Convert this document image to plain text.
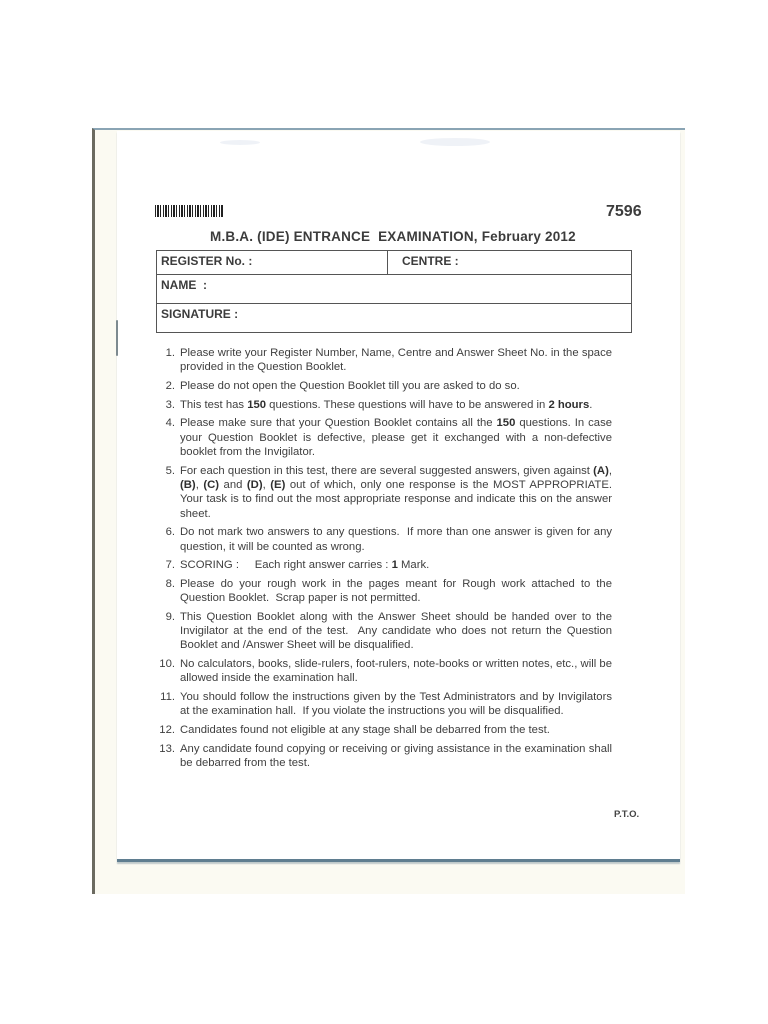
7596
M.B.A. (IDE) ENTRANCE  EXAMINATION, February 2012
REGISTER No. :	CENTRE :
NAME  :
SIGNATURE :
1. Please write your Register Number, Name, Centre and Answer Sheet No. in the space provided in the Question Booklet.
2. Please do not open the Question Booklet till you are asked to do so.
3. This test has 150 questions. These questions will have to be answered in 2 hours.
4. Please make sure that your Question Booklet contains all the 150 questions. In case your Question Booklet is defective, please get it exchanged with a non-defective booklet from the Invigilator.
5. For each question in this test, there are several suggested answers, given against (A), (B), (C) and (D), (E) out of which, only one response is the MOST APPROPRIATE.  Your task is to find out the most appropriate response and indicate this on the answer sheet.
6. Do not mark two answers to any questions.  If more than one answer is given for any question, it will be counted as wrong.
7. SCORING :     Each right answer carries : 1 Mark.
8. Please do your rough work in the pages meant for Rough work attached to the Question Booklet.  Scrap paper is not permitted.
9. This Question Booklet along with the Answer Sheet should be handed over to the Invigilator at the end of the test.  Any candidate who does not return the Question Booklet and /Answer Sheet will be disqualified.
10. No calculators, books, slide-rulers, foot-rulers, note-books or written notes, etc., will be allowed inside the examination hall.
11. You should follow the instructions given by the Test Administrators and by Invigilators at the examination hall.  If you violate the instructions you will be disqualified.
12. Candidates found not eligible at any stage shall be debarred from the test.
13. Any candidate found copying or receiving or giving assistance in the examination shall be debarred from the test.
P.T.O.
